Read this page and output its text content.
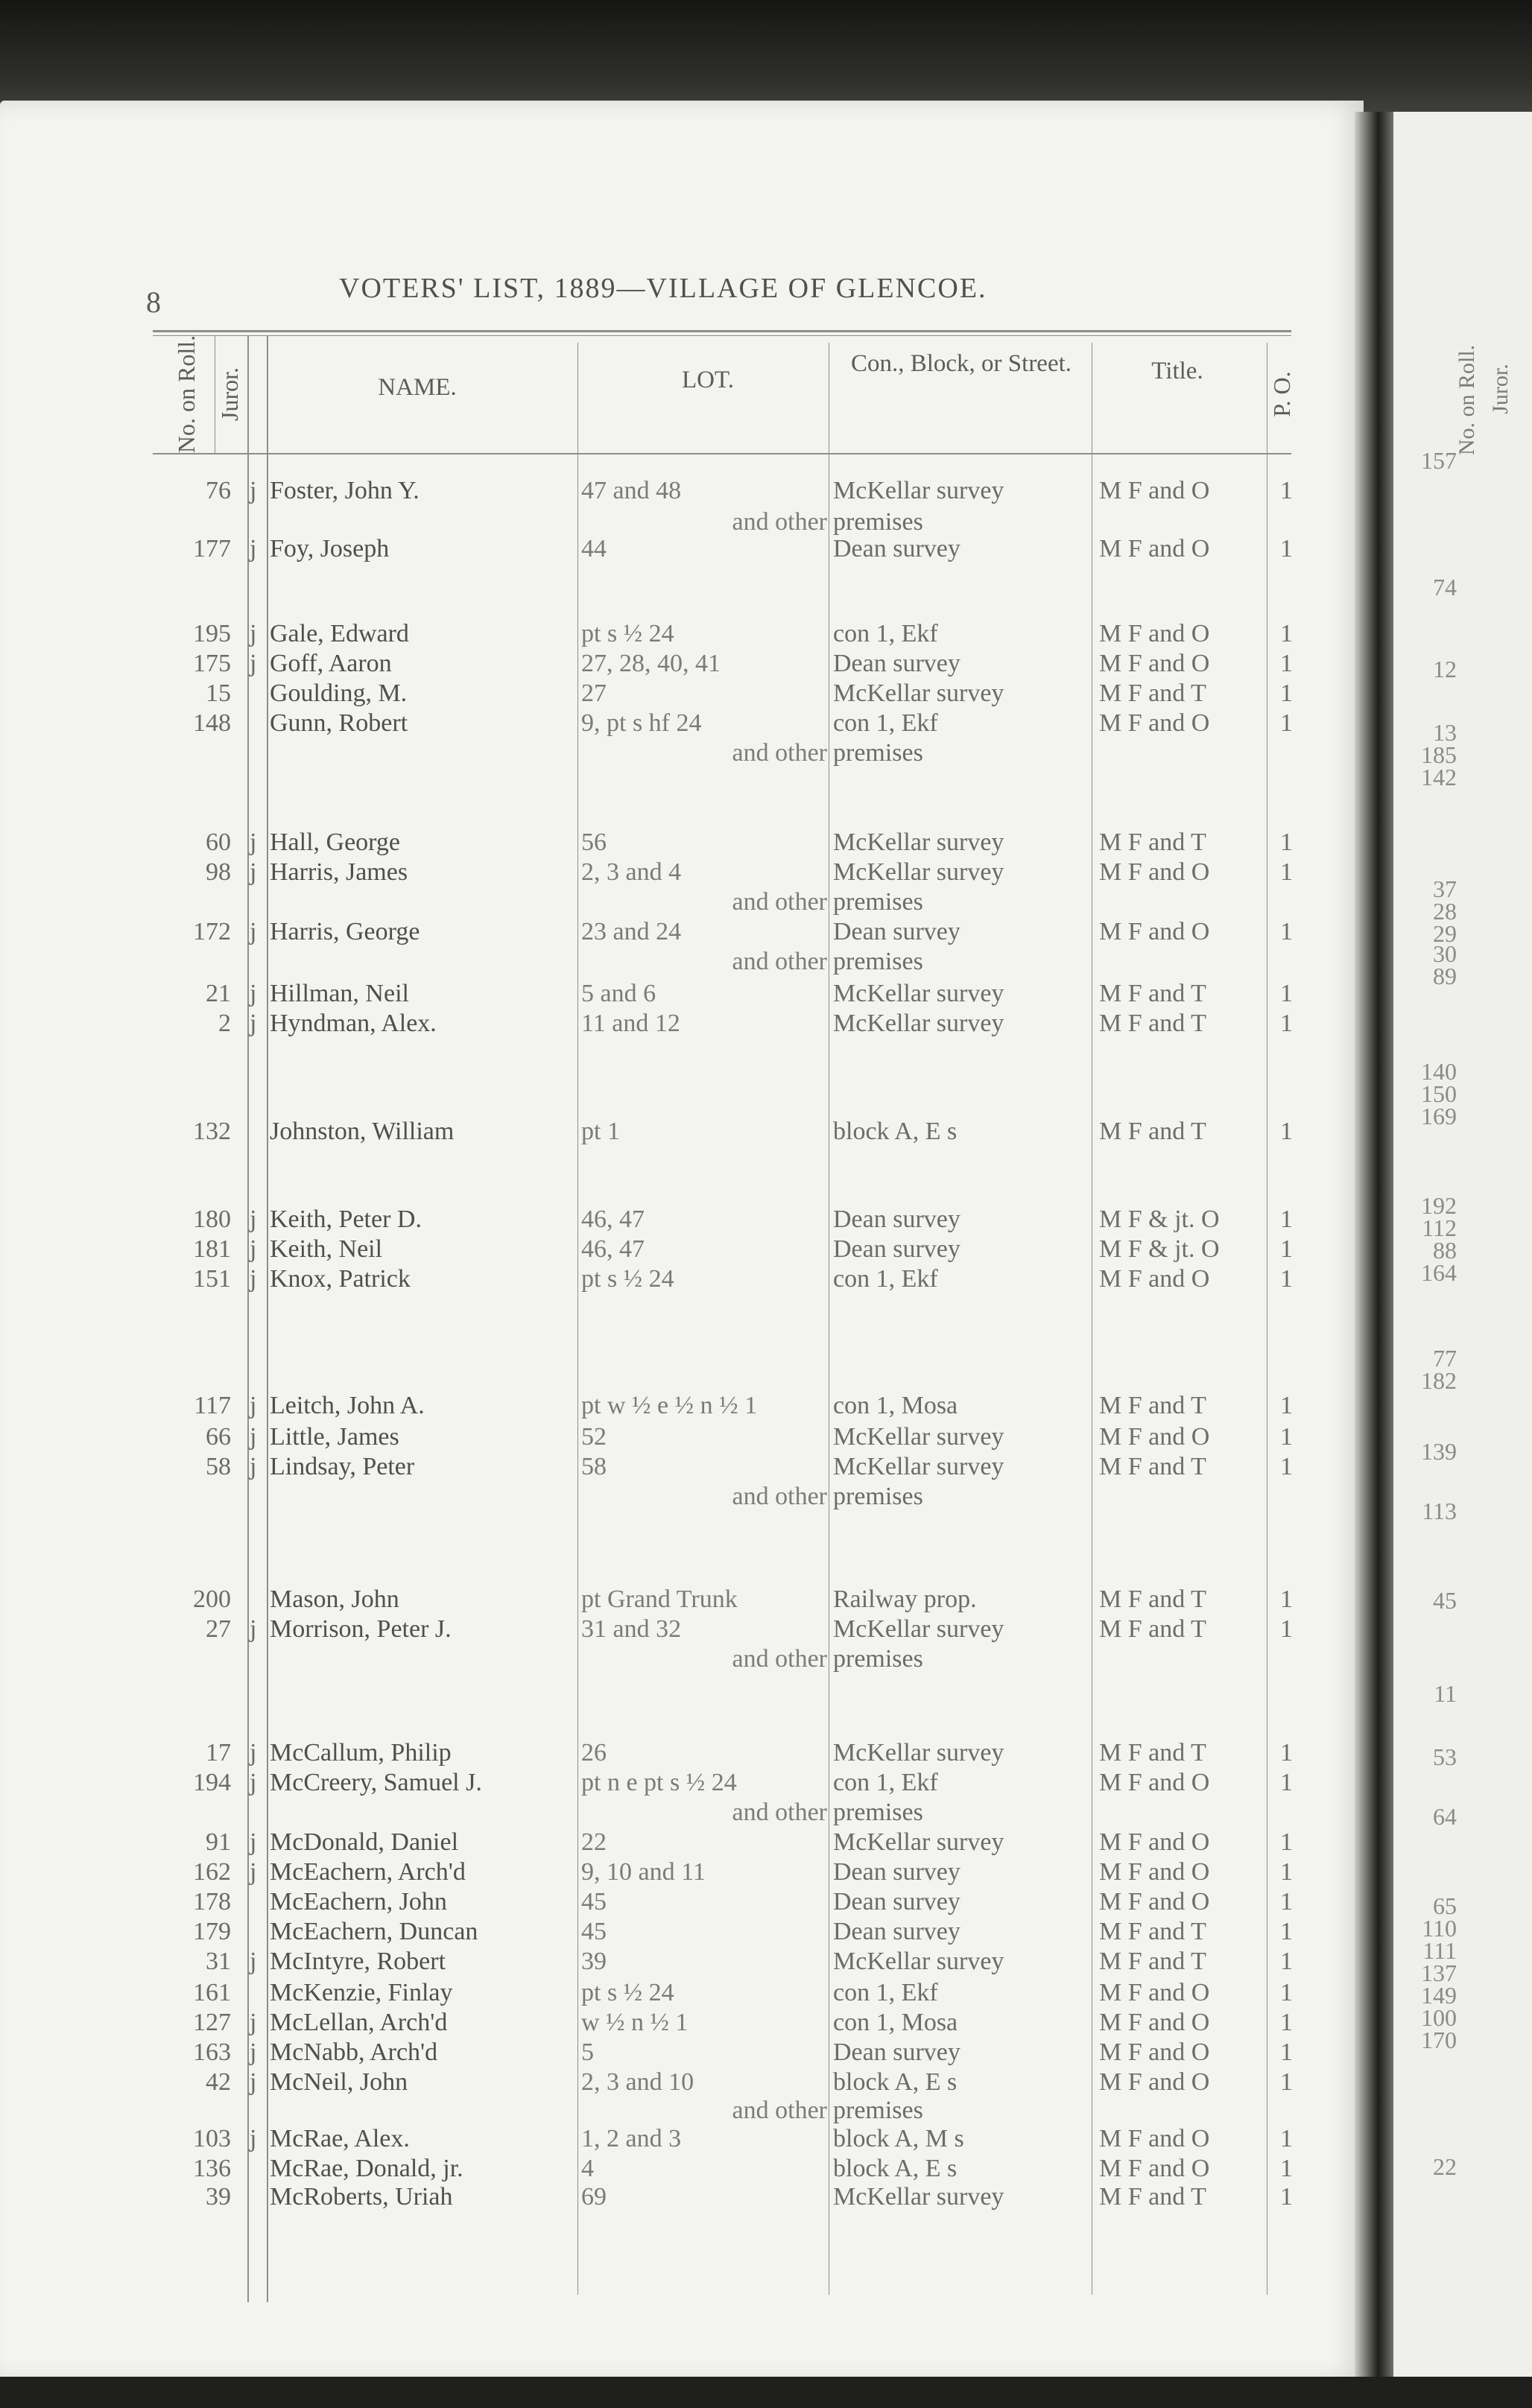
8	VOTERS' LIST, 1889—VILLAGE OF GLENCOE.
No. on Roll. Juror.	NAME.	LOT.
Con., Block, or Street.	Title.
P. O.
76 j Foster, John Y.	47 and 48	McKellar survey	M F and O	1
and other premises
177 j Foy, Joseph	44	Dean survey	M F and O	1
195 j Gale, Edward	pt s ½ 24	con 1, Ekf	M F and O	1
175 j Goff, Aaron	27, 28, 40, 41	Dean survey	M F and O	1
15 Goulding, M.	27	McKellar survey	M F and T	1
148 Gunn, Robert	9, pt s hf 24	con 1, Ekf	M F and O	1
and other premises
60 j Hall, George	56	McKellar survey	M F and T	1
98 j Harris, James	2, 3 and 4	McKellar survey	M F and O	1
and other premises
172 j Harris, George	23 and 24	Dean survey	M F and O	1
and other premises
21 j Hillman, Neil	5 and 6	McKellar survey	M F and T	1
2 j Hyndman, Alex.	11 and 12	McKellar survey	M F and T	1
132 Johnston, William	pt 1	block A, E s	M F and T	1
180 j Keith, Peter D.	46, 47	Dean survey	M F & jt. O 1
181 j Keith, Neil	46, 47	Dean survey	M F & jt. O 1
151 j Knox, Patrick	pt s ½ 24	con 1, Ekf	M F and O	1
117 j Leitch, John A.	pt w ½ e ½ n ½ 1	con 1, Mosa	M F and T	1
66 j Little, James	52	McKellar survey	M F and O	1
58 j Lindsay, Peter	58	McKellar survey	M F and T	1
and other premises
200 Mason, John	pt Grand Trunk	Railway prop.	M F and T	1
27 j Morrison, Peter J.	31 and 32	McKellar survey	M F and T	1
and other premises
17 j McCallum, Philip	26	McKellar survey	M F and T	1
194 j McCreery, Samuel J.	pt n e pt s ½ 24	con 1, Ekf	M F and O	1
and other premises
91 j McDonald, Daniel	22	McKellar survey	M F and O	1
162 j McEachern, Arch'd	9, 10 and 11	Dean survey	M F and O	1
178 McEachern, John	45	Dean survey	M F and O	1
179 McEachern, Duncan	45	Dean survey	M F and T	1
31 j McIntyre, Robert	39	McKellar survey	M F and T	1
161 McKenzie, Finlay	pt s ½ 24	con 1, Ekf	M F and O	1
127 j McLellan, Arch'd	w ½ n ½ 1	con 1, Mosa	M F and O	1
163 j McNabb, Arch'd	5	Dean survey	M F and O	1
42 j McNeil, John	2, 3 and 10	block A, E s	M F and O	1
and other premises
103 j McRae, Alex.	1, 2 and 3	block A, M s	M F and O	1
136 McRae, Donald, jr.	4	block A, E s	M F and O	1
39 McRoberts, Uriah	69	McKellar survey	M F and T	1
No. on Roll. Juror.
157
74
12
13
185
142
37
28
29
30
89
140
150
169
192
112
88
164
77
182
139
113
45
11
53
64
65
110
111
137
149
100
170
22
